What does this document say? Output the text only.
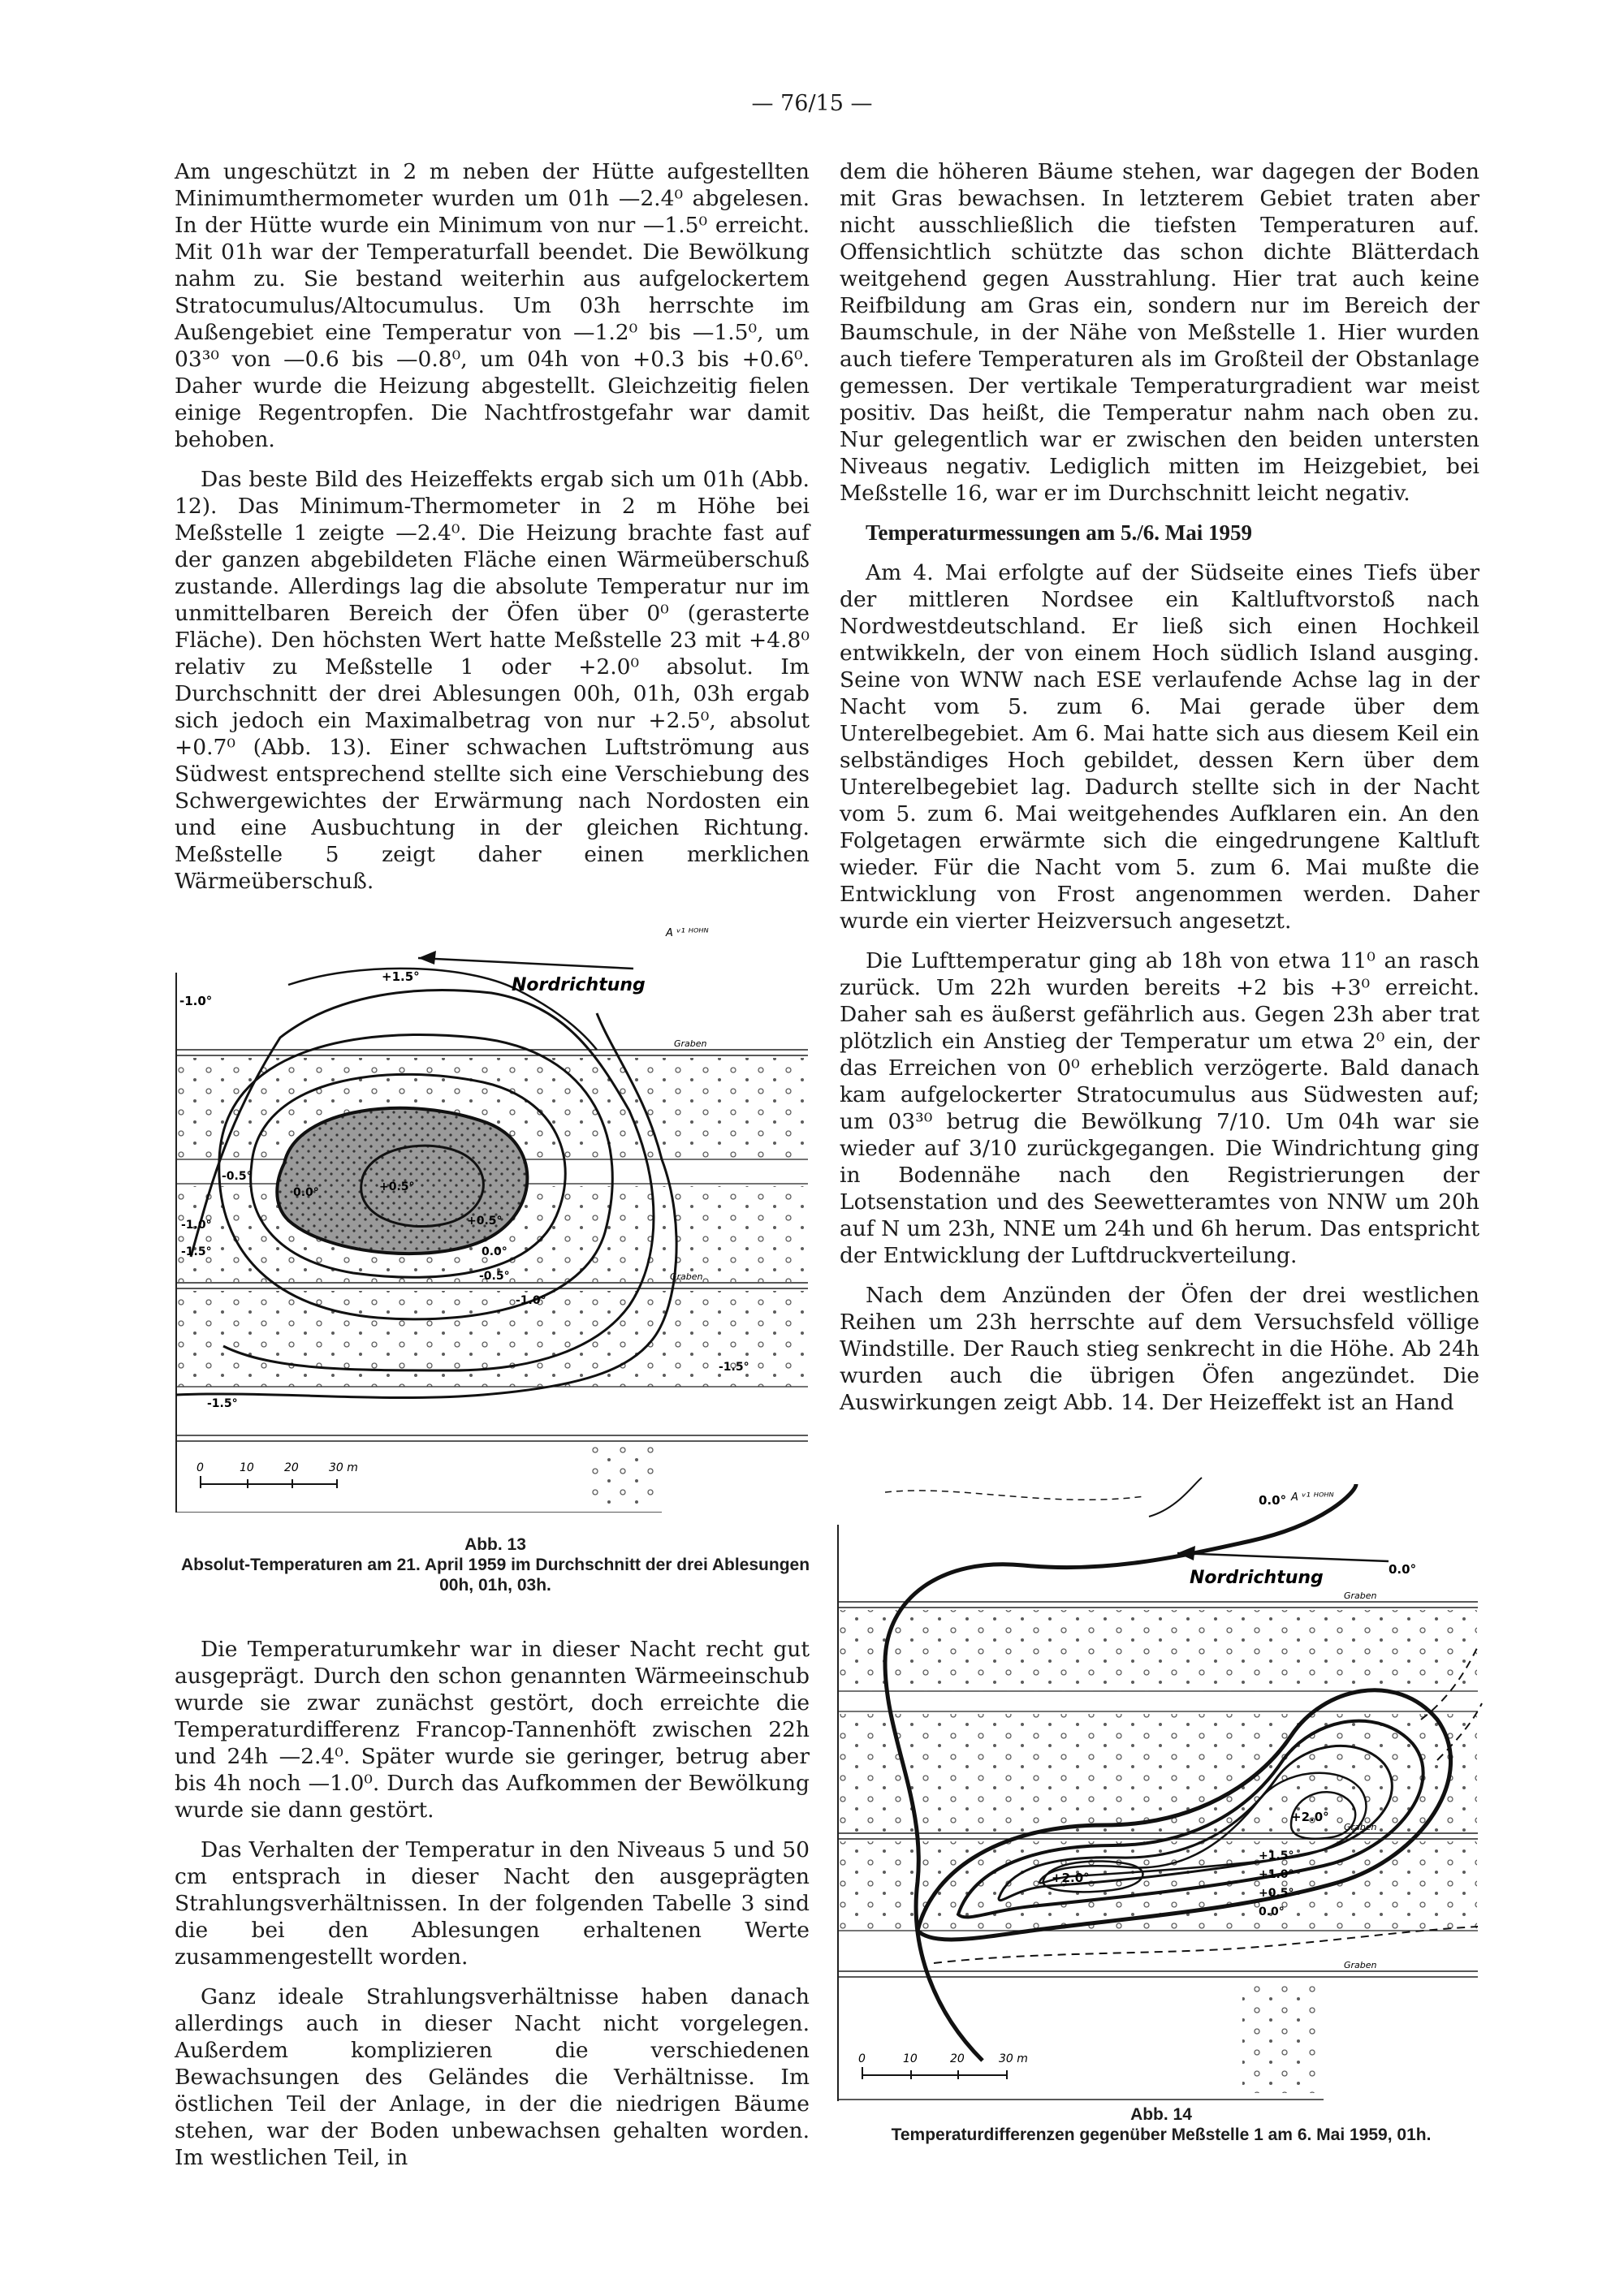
— 76/15 —

Am ungeschützt in 2 m neben der Hütte aufgestellten Minimumthermometer wurden um 01h —2.4⁰ abgelesen. In der Hütte wurde ein Minimum von nur —1.5⁰ erreicht. Mit 01h war der Temperaturfall beendet. Die Bewölkung nahm zu. Sie bestand weiterhin aus aufgelockertem Stratocumulus/Altocumulus. Um 03h herrschte im Außengebiet eine Temperatur von —1.2⁰ bis —1.5⁰, um 03³⁰ von —0.6 bis —0.8⁰, um 04h von +0.3 bis +0.6⁰. Daher wurde die Heizung abgestellt. Gleichzeitig fielen einige Regentropfen. Die Nachtfrostgefahr war damit behoben.

Das beste Bild des Heizeffekts ergab sich um 01h (Abb. 12). Das Minimum-Thermometer in 2 m Höhe bei Meßstelle 1 zeigte —2.4⁰. Die Heizung brachte fast auf der ganzen abgebildeten Fläche einen Wärmeüberschuß zustande. Allerdings lag die absolute Temperatur nur im unmittelbaren Bereich der Öfen über 0⁰ (gerasterte Fläche). Den höchsten Wert hatte Meßstelle 23 mit +4.8⁰ relativ zu Meßstelle 1 oder +2.0⁰ absolut. Im Durchschnitt der drei Ablesungen 00h, 01h, 03h ergab sich jedoch ein Maximalbetrag von nur +2.5⁰, absolut +0.7⁰ (Abb. 13). Einer schwachen Luftströmung aus Südwest entsprechend stellte sich eine Verschiebung des Schwergewichtes der Erwärmung nach Nordosten ein und eine Ausbuchtung in der gleichen Richtung. Meßstelle 5 zeigt daher einen merklichen Wärmeüberschuß.

A ᵛ¹ ᴴᴼᴴᴺ
Graben
Nordrichtung
+1.5°
-1.0°
-0.5°
0.0°	+0.5°
+0.5°
0.0°
-0.5°
-1.0°
-1.0°
-1.5°
-1.5°
-1.5°
0	10	20	30 m
Abb. 13
Absolut-Temperaturen am 21. April 1959 im Durchschnitt der drei Ablesungen 00h, 01h, 03h.

Die Temperaturumkehr war in dieser Nacht recht gut ausgeprägt. Durch den schon genannten Wärmeeinschub wurde sie zwar zunächst gestört, doch erreichte die Temperaturdifferenz Francop-Tannenhöft zwischen 22h und 24h —2.4⁰. Später wurde sie geringer, betrug aber bis 4h noch —1.0⁰. Durch das Aufkommen der Bewölkung wurde sie dann gestört.

Das Verhalten der Temperatur in den Niveaus 5 und 50 cm entsprach in dieser Nacht den ausgeprägten Strahlungsverhältnissen. In der folgenden Tabelle 3 sind die bei den Ablesungen erhaltenen Werte zusammengestellt worden.

Ganz ideale Strahlungsverhältnisse haben danach allerdings auch in dieser Nacht nicht vorgelegen. Außerdem komplizieren die verschiedenen Bewachsungen des Geländes die Verhältnisse. Im östlichen Teil der Anlage, in der die niedrigen Bäume stehen, war der Boden unbewachsen gehalten worden. Im westlichen Teil, in

dem die höheren Bäume stehen, war dagegen der Boden mit Gras bewachsen. In letzterem Gebiet traten aber nicht ausschließlich die tiefsten Temperaturen auf. Offensichtlich schützte das schon dichte Blätterdach weitgehend gegen Ausstrahlung. Hier trat auch keine Reifbildung am Gras ein, sondern nur im Bereich der Baumschule, in der Nähe von Meßstelle 1. Hier wurden auch tiefere Temperaturen als im Großteil der Obstanlage gemessen. Der vertikale Temperaturgradient war meist positiv. Das heißt, die Temperatur nahm nach oben zu. Nur gelegentlich war er zwischen den beiden untersten Niveaus negativ. Lediglich mitten im Heizgebiet, bei Meßstelle 16, war er im Durchschnitt leicht negativ.

Temperaturmessungen am 5./6. Mai 1959

Am 4. Mai erfolgte auf der Südseite eines Tiefs über der mittleren Nordsee ein Kaltluftvorstoß nach Nordwestdeutschland. Er ließ sich einen Hochkeil entwikkeln, der von einem Hoch südlich Island ausging. Seine von WNW nach ESE verlaufende Achse lag in der Nacht vom 5. zum 6. Mai gerade über dem Unterelbegebiet. Am 6. Mai hatte sich aus diesem Keil ein selbständiges Hoch gebildet, dessen Kern über dem Unterelbegebiet lag. Dadurch stellte sich in der Nacht vom 5. zum 6. Mai weitgehendes Aufklaren ein. An den Folgetagen erwärmte sich die eingedrungene Kaltluft wieder. Für die Nacht vom 5. zum 6. Mai mußte die Entwicklung von Frost angenommen werden. Daher wurde ein vierter Heizversuch angesetzt.

Die Lufttemperatur ging ab 18h von etwa 11⁰ an rasch zurück. Um 22h wurden bereits +2 bis +3⁰ erreicht. Daher sah es äußerst gefährlich aus. Gegen 23h aber trat plötzlich ein Anstieg der Temperatur um etwa 2⁰ ein, der das Erreichen von 0⁰ erheblich verzögerte. Bald danach kam aufgelockerter Stratocumulus aus Südwesten auf; um 03³⁰ betrug die Bewölkung 7/10. Um 04h war sie wieder auf 3/10 zurückgegangen. Die Windrichtung ging in Bodennähe nach den Registrierungen der Lotsenstation und des Seewetteramtes von NNW um 20h auf N um 23h, NNE um 24h und 6h herum. Das entspricht der Entwicklung der Luftdruckverteilung.

Nach dem Anzünden der Öfen der drei westlichen Reihen um 23h herrschte auf dem Versuchsfeld völlige Windstille. Der Rauch stieg senkrecht in die Höhe. Ab 24h wurden auch die übrigen Öfen angezündet. Die Auswirkungen zeigt Abb. 14. Der Heizeffekt ist an Hand

A ᵛ¹ ᴴᴼᴴᴺ
Graben
Graben
Nordrichtung
0.0°
0.0°
+2.0°
+2.0°
+1.5°
+1.0°
+0.5°
0.0°
0	10	20	30 m
Abb. 14
Temperaturdifferenzen gegenüber Meßstelle 1 am 6. Mai 1959, 01h.
